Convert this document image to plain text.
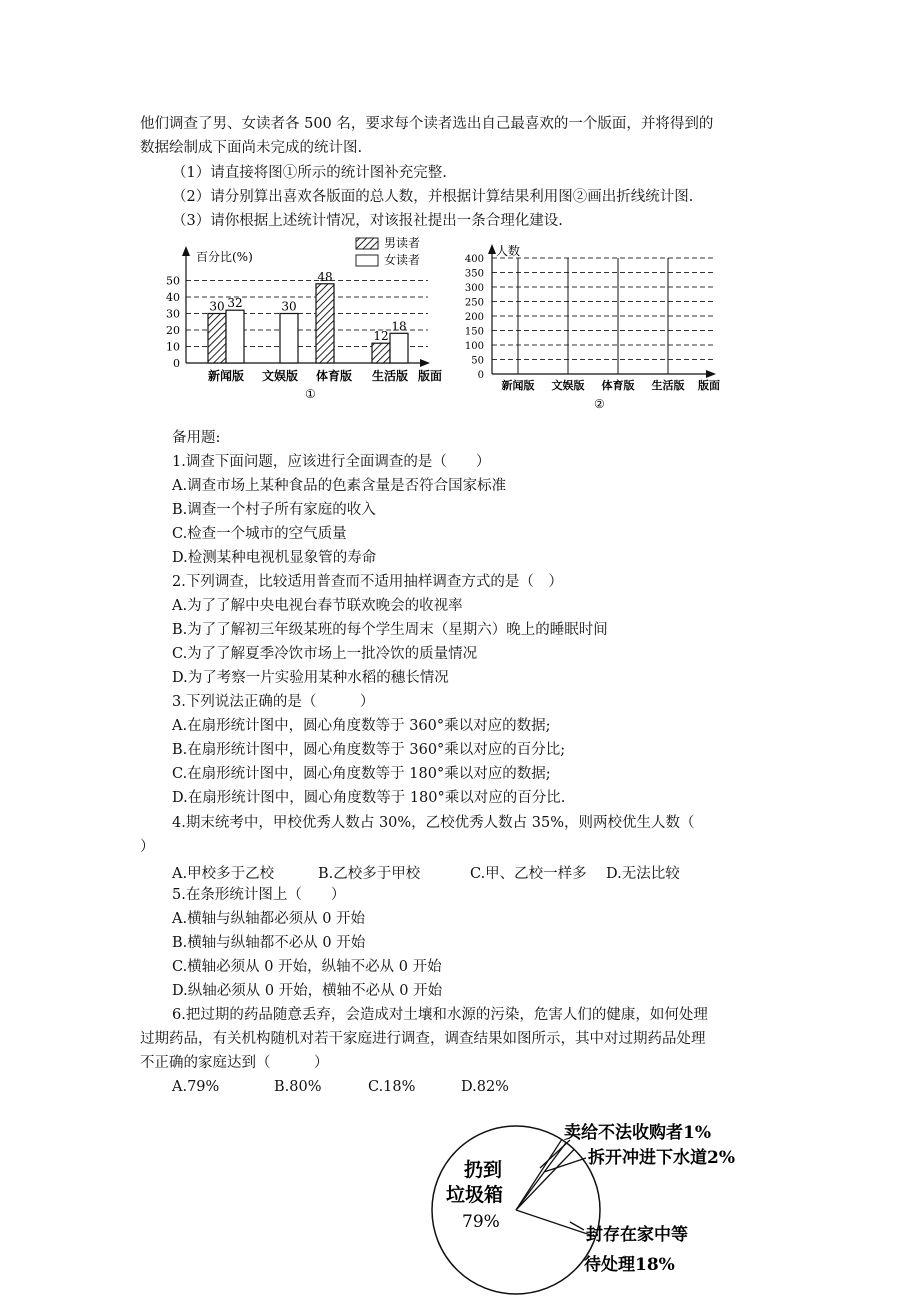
他们调查了男、女读者各 500 名，要求每个读者选出自己最喜欢的一个版面，并将得到的
数据绘制成下面尚未完成的统计图.
（1）请直接将图①所示的统计图补充完整.
（2）请分别算出喜欢各版面的总人数，并根据计算结果利用图②画出折线统计图.
（3）请你根据上述统计情况，对该报社提出一条合理化建设.
0
10
20
30
40
50
新闻版 文娱版 体育版 生活版 版面
30
48
12
32	30
18
百分比(%)
男读者
女读者
①
0
50
100
150
200
250
300
350
400
新闻版 文娱版 体育版 生活版 版面
人数
②
备用题:
1.调查下面问题，应该进行全面调查的是（　　）
A.调查市场上某种食品的色素含量是否符合国家标准
B.调查一个村子所有家庭的收入
C.检查一个城市的空气质量
D.检测某种电视机显象管的寿命
2.下列调查，比较适用普查而不适用抽样调查方式的是（　）
A.为了了解中央电视台春节联欢晚会的收视率
B.为了了解初三年级某班的每个学生周末（星期六）晚上的睡眠时间
C.为了了解夏季冷饮市场上一批冷饮的质量情况
D.为了考察一片实验用某种水稻的穗长情况
3.下列说法正确的是（　　　）
A.在扇形统计图中，圆心角度数等于 360°乘以对应的数据;
B.在扇形统计图中，圆心角度数等于 360°乘以对应的百分比;
C.在扇形统计图中，圆心角度数等于 180°乘以对应的数据;
D.在扇形统计图中，圆心角度数等于 180°乘以对应的百分比.
4.期末统考中，甲校优秀人数占 30%，乙校优秀人数占 35%，则两校优生人数（
）
A.甲校多于乙校	B.乙校多于甲校	C.甲、乙校一样多 D.无法比较
5.在条形统计图上（　　）
A.横轴与纵轴都必须从 0 开始
B.横轴与纵轴都不必从 0 开始
C.横轴必须从 0 开始，纵轴不必从 0 开始
D.纵轴必须从 0 开始，横轴不必从 0 开始
6.把过期的药品随意丢弃，会造成对土壤和水源的污染，危害人们的健康，如何处理
过期药品，有关机构随机对若干家庭进行调查，调查结果如图所示，其中对过期药品处理
不正确的家庭达到（　　　）
A.79%	B.80%	C.18%	D.82%
扔到
垃圾箱
79%
卖给不法收购者1%
拆开冲进下水道2%
封存在家中等
待处理18%
